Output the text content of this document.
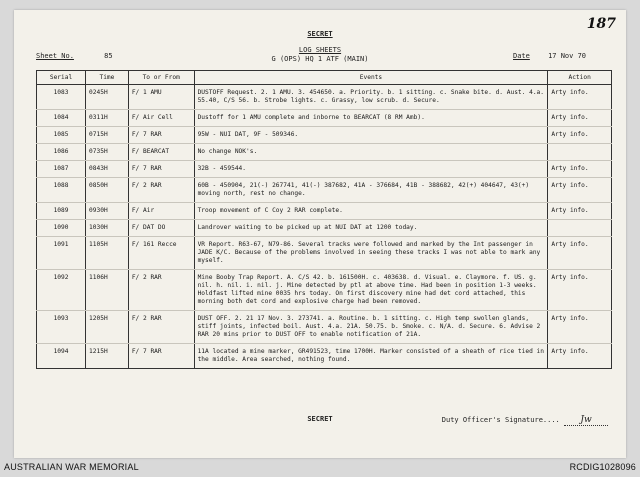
187
SECRET
LOG SHEETS
G (OPS) HQ 1 ATF (MAIN)
Sheet No.	85	Date	17 Nov 70
Serial	Time	To or From	Events	Action
1083	0245H	F/ 1 AMU	DUSTOFF Request. 2. 1 AMU. 3. 454650. a. Priority. b. 1 sitting. c. Snake bite. d. Aust. 4.a. 55.40, C/S 56. b. Strobe lights. c. Grassy, low scrub. d. Secure.	Arty info.
1084	0311H	F/ Air Cell	Dustoff for 1 AMU complete and inborne to BEARCAT (8 RM Amb).	Arty info.
1085	0715H	F/ 7 RAR	95W - NUI DAT, 9F - 509346.	Arty info.
1086	0735H	F/ BEARCAT	No change NOK's.	
1087	0843H	F/ 7 RAR	32B - 459544.	Arty info.
1088	0850H	F/ 2 RAR	60B - 450904, 21(-) 267741, 41(-) 387682, 41A - 376684, 41B - 388682, 42(+) 404647, 43(+) moving north, rest no change.	Arty info.
1089	0930H	F/ Air	Troop movement of C Coy 2 RAR complete.	Arty info.
1090	1030H	F/ DAT DO	Landrover waiting to be picked up at NUI DAT at 1200 today.	
1091	1105H	F/ 161 Recce	VR Report. R63-67, N79-86. Several tracks were followed and marked by the Int passenger in JADE K/C. Because of the problems involved in seeing these tracks I was not able to mark any myself.	Arty info.
1092	1106H	F/ 2 RAR	Mine Booby Trap Report. A. C/S 42. b. 161500H. c. 403638. d. Visual. e. Claymore. f. US. g. nil. h. nil. i. nil. j. Mine detected by ptl at above time. Had been in position 1-3 weeks. Holdfast lifted mine 0035 hrs today. On first discovery mine had det cord attached, this morning both det cord and explosive charge had been removed.	Arty info.
1093	1205H	F/ 2 RAR	DUST OFF. 2. 21 17 Nov. 3. 273741. a. Routine. b. 1 sitting. c. High temp swollen glands, stiff joints, infected boil. Aust. 4.a. 21A. 50.75. b. Smoke. c. N/A. d. Secure. 6. Advise 2 RAR 20 mins prior to DUST OFF to enable notification of 21A.	Arty info.
1094	1215H	F/ 7 RAR	11A located a mine marker, GR491523, time 1700H. Marker consisted of a sheath of rice tied in the middle. Area searched, nothing found.	Arty info.
SECRET	Duty Officer's Signature.... Jw
AUSTRALIAN WAR MEMORIAL	RCDIG1028096
